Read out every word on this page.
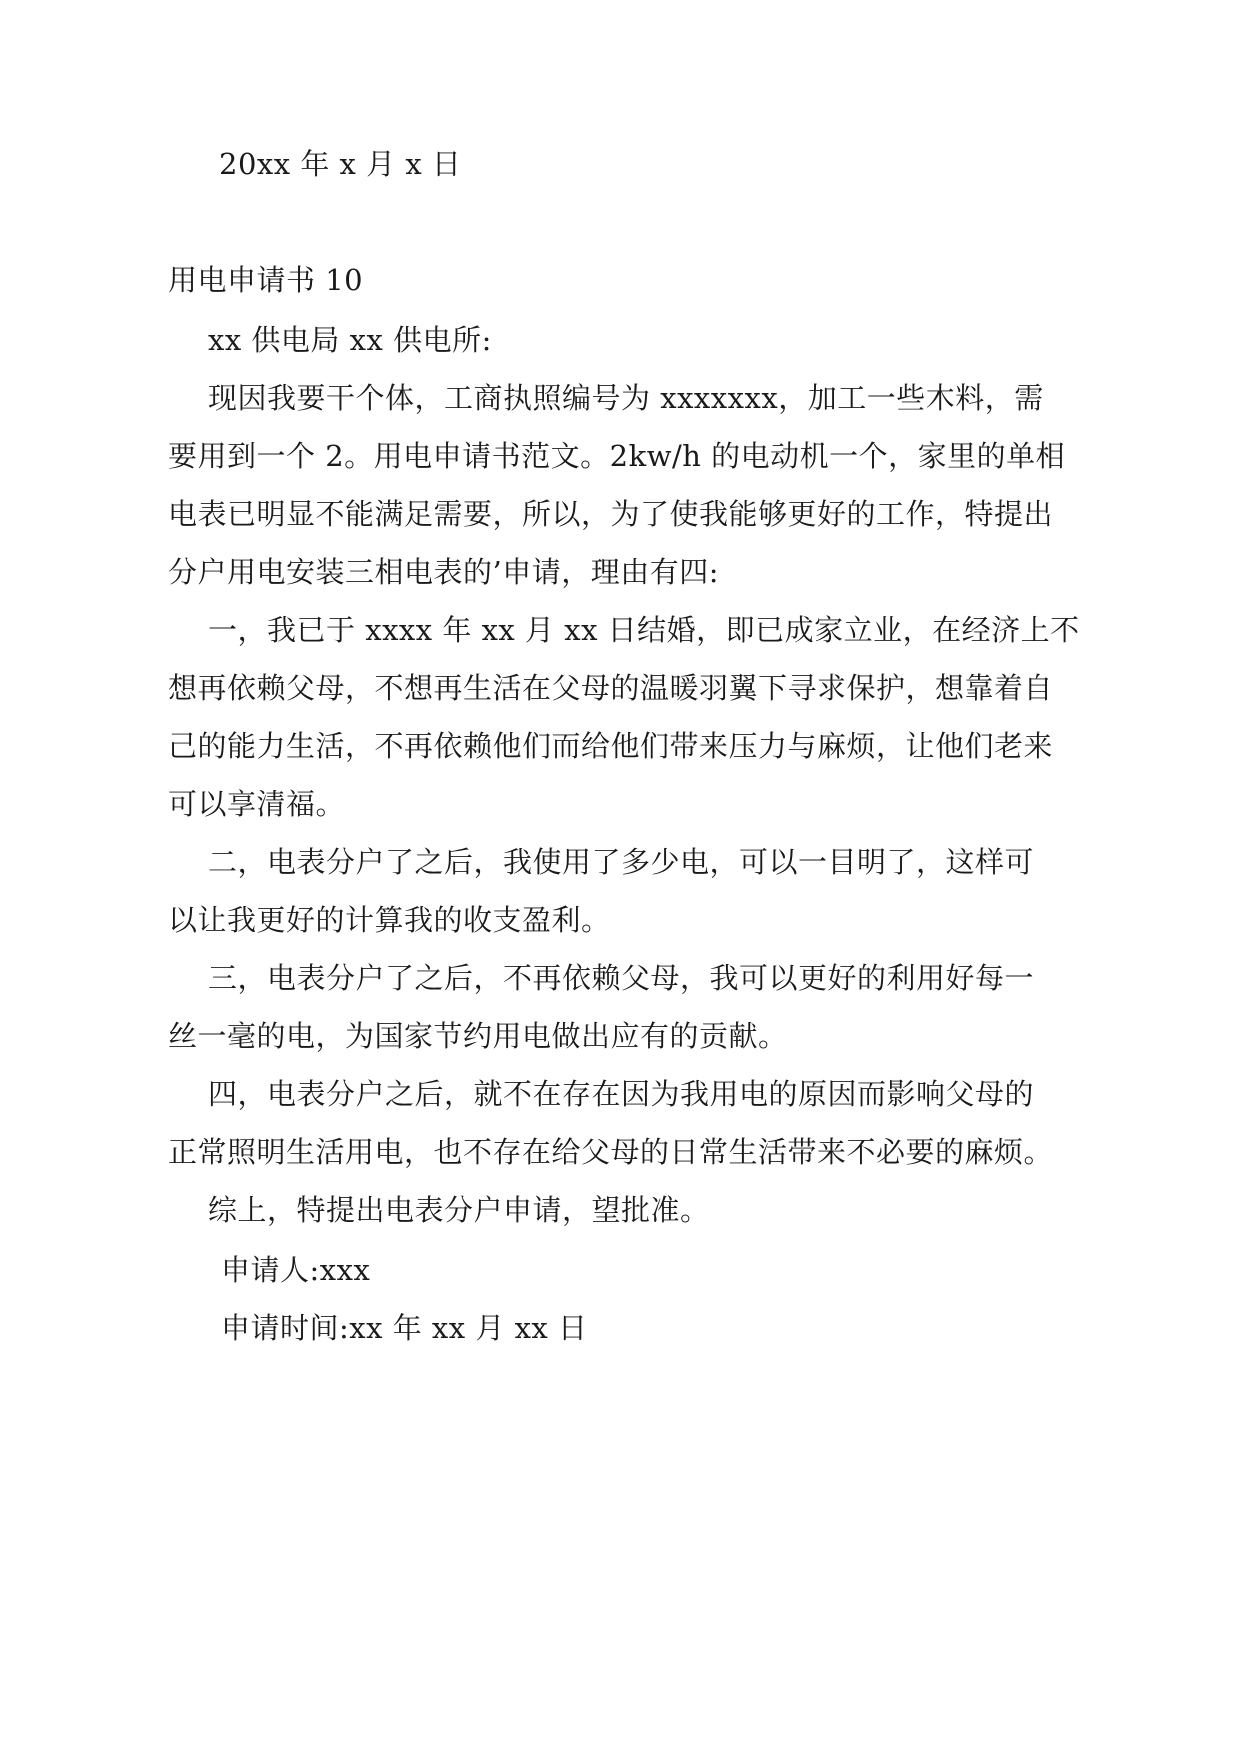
20xx 年 x 月 x 日
用电申请书 10
xx 供电局 xx 供电所:
现因我要干个体，工商执照编号为 xxxxxxx，加工一些木料，需
要用到一个 2。用电申请书范文。2kw/h 的电动机一个，家里的单相
电表已明显不能满足需要，所以，为了使我能够更好的工作，特提出
分户用电安装三相电表的’申请，理由有四:
一，我已于 xxxx 年 xx 月 xx 日结婚，即已成家立业，在经济上不
想再依赖父母，不想再生活在父母的温暖羽翼下寻求保护，想靠着自
己的能力生活，不再依赖他们而给他们带来压力与麻烦，让他们老来
可以享清福。
二，电表分户了之后，我使用了多少电，可以一目明了，这样可
以让我更好的计算我的收支盈利。
三，电表分户了之后，不再依赖父母，我可以更好的利用好每一
丝一毫的电，为国家节约用电做出应有的贡献。
四，电表分户之后，就不在存在因为我用电的原因而影响父母的
正常照明生活用电，也不存在给父母的日常生活带来不必要的麻烦。
综上，特提出电表分户申请，望批准。
申请人:xxx
申请时间:xx 年 xx 月 xx 日
